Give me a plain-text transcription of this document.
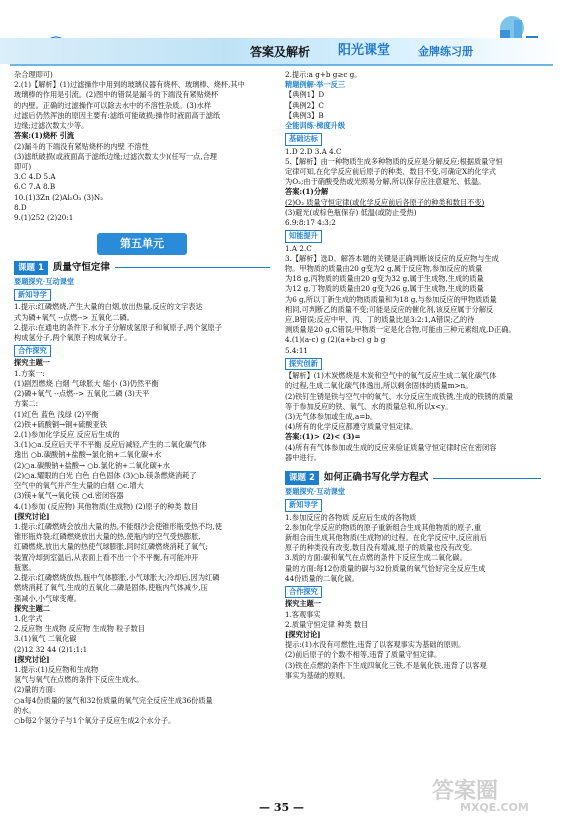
答案及解析 阳光课堂	金牌练习册

杂合理即可)

2.(1)【解析】(1)过滤操作中用到的玻璃仪器有烧杯、玻璃棒、烧杯,其中

玻璃棒的作用是引流。(2)图中的错误是漏斗的下端没有紧贴烧杯

的内壁。正确的过滤操作可以除去水中的不溶性杂质。(3)水样

过滤后仍然浑浊的原因主要有:滤纸可能破损;操作时液面高于滤纸

边缘;过滤次数太少等。

答案:(1)烧杯 引流

(2)漏斗的下端没有紧贴烧杯的内壁 不溶性

(3)滤纸破损(或液面高于滤纸边缘;过滤次数太少)(任写一点,合理

即可)

3.C 4.D 5.A

6.C 7.A 8.B

10.(1)3Zn (2)Al₂O₃ (3)N₂

8.D

9.(1)252 (2)20:1

第五单元
课题 1 质量守恒定律

要题探究·互动课堂

新知导学

1.提示:红磷燃烧,产生大量的白烟,放出热量,反应的文字表达

式为磷+氧气 --点燃--> 五氧化二磷。

2.提示:在通电的条件下,水分子分解成氢原子和氧原子,两个氢原子

构成氢分子,两个氧原子构成氧分子。

合作探究

探究主题一

1.方案一:

(1)剧烈燃烧 白烟 气球胀大 缩小 (3)仍然平衡

(2)磷+氧气 --点燃--> 五氧化二磷 (3)天平

方案二:

(1)红色 蓝色 浅绿 (2)平衡

(2)铁+硫酸铜→铜+硫酸亚铁

2.(1)参加化学反应 反应后生成的

3.(1)○a.反应后天平不平衡 反应后减轻,产生的二氧化碳气体

逸出 ○b.碳酸钠+盐酸→氯化钠+二氧化碳+水

(2)○a.碳酸钠+盐酸→ ○b.氯化钠+二氧化碳+水

(2)○a.耀眼的白光 白色 白色固体 (3)○b.镁条燃烧消耗了

空气中的氧气并产生大量的白烟 ○c.增大

(3)镁+氧气→氧化镁 ○d.密闭容器

4.(1)参加 (反应物) 其他物质(生成物) (2)原子的种类 数目

[探究讨论]

1.提示:红磷燃烧会放出大量的热,不能细沙会使锥形瓶受热不均,使

锥形瓶炸裂;红磷燃烧放出大量的热,使瓶内的空气受热膨胀,

红磷燃烧,放出大量的热使气球膨胀,同时红磷燃烧消耗了氧气;

装置冷却到室温后,从表面上看不出一个不平衡,有可能冲开

瓶塞。

2.提示:红磷燃烧放热,瓶中气体膨胀,小气球胀大;冷却后,因为红磷

燃烧消耗了氧气,生成的五氧化二磷是固体,使瓶内气体减少,压

强减小,小气球变瘪。

探究主题二

1.化学式

2.反应物 生成物 反应物 生成物 粒子数目

3.(1)氧气 二氧化碳

(2)12 32 44 (2)1:1:1

[探究讨论]

1.提示:(1)反应物和生成物

氢气与氧气在点燃的条件下反应生成水。

(2)量的方面:

○a每4份质量的氢气和32份质量的氧气完全反应生成36份质量

的水。

○b每2个氢分子与1个氧分子反应生成2个水分子。

2.提示:a g+b g≥c g。

精题例解·举一反三

【典例1】D

【典例2】C

【典例3】B

全能训练·梯度升级

基础达标

1.D 2.D 3.A 4.C

5.【解析】由一种物质生成多种物质的反应是分解反应;根据质量守恒

定律可知,在化学反应前后原子的种类、数目不变,可确定X的化学式

为O₂;由于硝酸受热或光照易分解,所以保存应注意避光、低温。

答案:(1)分解

(2)O₂ 质量守恒定律(或化学反应前后各原子的种类和数目不变)

(3)避光(或棕色瓶保存) 低温(或防止受热)

6.9:8:17 4:3:2

知能提升

1.A 2.C

3.【解析】选D。解答本题的关键是正确判断该反应的反应物与生成

物。甲物质的质量由20 g变为2 g,属于反应物,参加反应的质量

为18 g,丙物质的质量由20 g变为32 g,属于生成物,生成的质量

为12 g,丁物质的质量由20 g变为26 g,属于生成物,生成的质量

为6 g,所以丁新生成的物质质量和为18 g,与参加反应的甲物质质量

相同,可判断乙的质量不变;可能是反应的催化剂,该反应属于分解反

应,B错误;反应中甲、丙、丁的质量比是3:2:1,A错误;乙的待

测质量是20 g,C错误;甲物质一定是化合物,可能由三种元素组成,D正确。

4.(1)(a-c) g (2)(a+b-c) g b g

5.4:11

探究创新

【解析】(1)木炭燃烧是木炭和空气中的氧气反应生成二氧化碳气体

的过程,生成二氧化碳气体逸出,所以剩余固体的质量m>n。

(2)铁钉生锈是铁与空气中的氧气、水分反应生成铁锈,生成的铁锈的质量

等于参加反应的铁、氧气、水的质量总和,所以x<y。

(3)无气体参加或生成,a=b。

(4)所有的化学反应都遵守质量守恒定律。

答案:(1)> (2)< (3)=

(4)所有有气体参加或生成的反应来验证质量守恒定律时应在密闭容

器中进行。

课题 2 如何正确书写化学方程式

要题探究·互动课堂

新知导学

1.参加反应的各物质 反应后生成的各物质

2.参加化学反应的物质的原子重新组合生成其他物质的原子,重

新组合而生成其他物质(生成物)的过程。在化学反应中,反应前后

原子的种类没有改变,数目没有增减,原子的质量也没有改变。

3.质的方面:碳和氧气在点燃的条件下反应生成二氧化碳。

量的方面:每12份质量的碳与32份质量的氧气恰好完全反应生成

44份质量的二氧化碳。

合作探究

探究主题一

1.客观事实

2.质量守恒定律 种类 数目

[探究讨论]

提示:(1)水没有可燃性,违背了以客观事实为基础的原则。

(2)前后原子的个数不相等,违背了质量守恒定律。

(3)铁在点燃的条件下生成四氧化三铁,不是氧化铁,违背了以客观

事实为基础的原则。

— 35 —
答案圈
MXQE.COM
